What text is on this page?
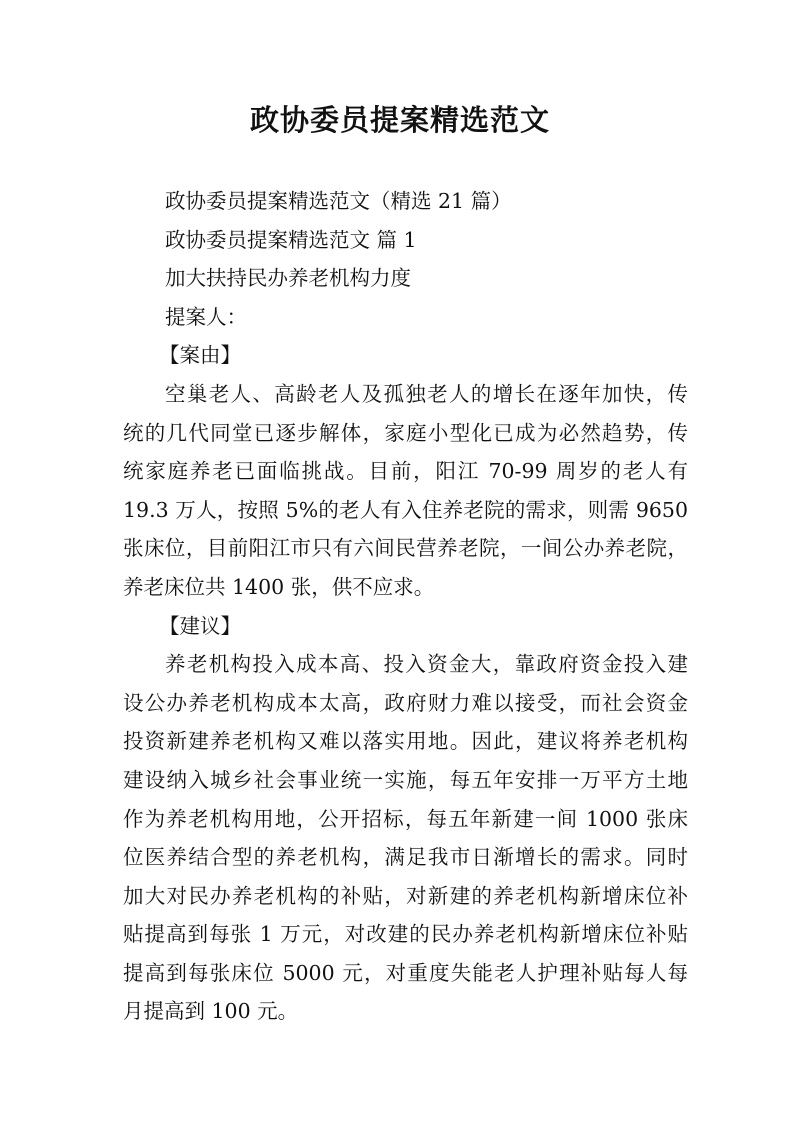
政协委员提案精选范文
政协委员提案精选范文（精选 21 篇）
政协委员提案精选范文 篇 1
加大扶持民办养老机构力度
提案人：
【案由】
空巢老人、高龄老人及孤独老人的增长在逐年加快，传
统的几代同堂已逐步解体，家庭小型化已成为必然趋势，传
统家庭养老已面临挑战。目前，阳江 70-99 周岁的老人有
19.3 万人，按照 5%的老人有入住养老院的需求，则需 9650
张床位，目前阳江市只有六间民营养老院，一间公办养老院，
养老床位共 1400 张，供不应求。
【建议】
养老机构投入成本高、投入资金大，靠政府资金投入建
设公办养老机构成本太高，政府财力难以接受，而社会资金
投资新建养老机构又难以落实用地。因此，建议将养老机构
建设纳入城乡社会事业统一实施，每五年安排一万平方土地
作为养老机构用地，公开招标，每五年新建一间 1000 张床
位医养结合型的养老机构，满足我市日渐增长的需求。同时
加大对民办养老机构的补贴，对新建的养老机构新增床位补
贴提高到每张 1 万元，对改建的民办养老机构新增床位补贴
提高到每张床位 5000 元，对重度失能老人护理补贴每人每
月提高到 100 元。
